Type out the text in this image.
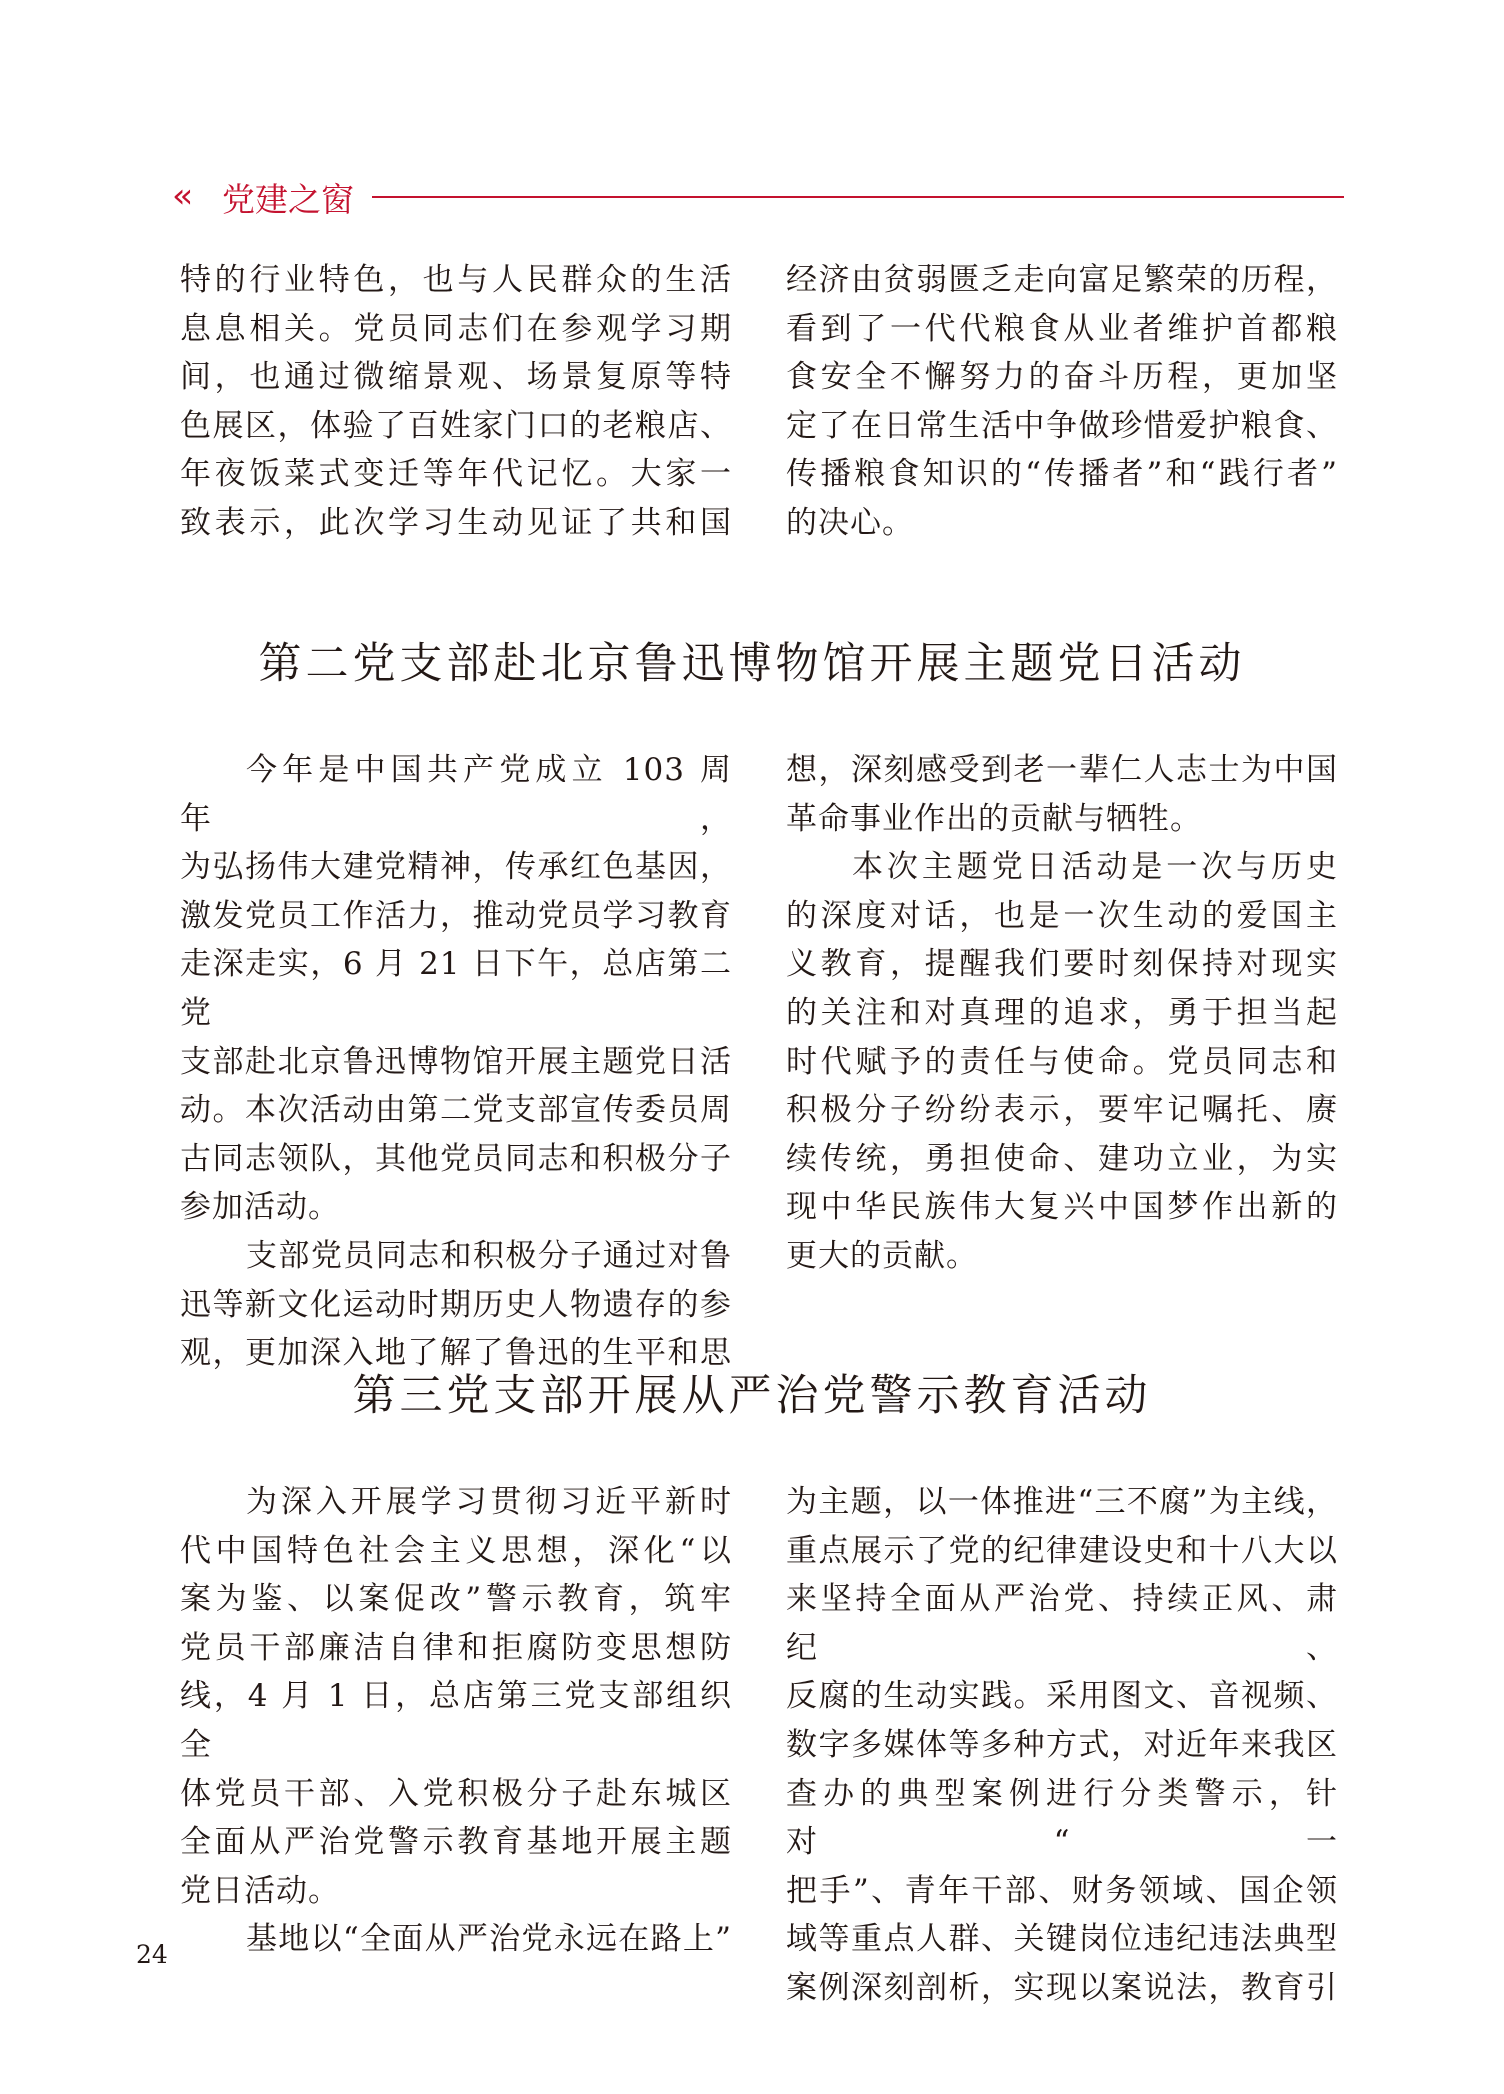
‹‹ 党建之窗

特的行业特色，也与人民群众的生活

息息相关。党员同志们在参观学习期

间，也通过微缩景观、场景复原等特

色展区，体验了百姓家门口的老粮店、

年夜饭菜式变迁等年代记忆。大家一

致表示，此次学习生动见证了共和国

经济由贫弱匮乏走向富足繁荣的历程，

看到了一代代粮食从业者维护首都粮

食安全不懈努力的奋斗历程，更加坚

定了在日常生活中争做珍惜爱护粮食、

传播粮食知识的“传播者”和“践行者”

的决心。

第二党支部赴北京鲁迅博物馆开展主题党日活动

今年是中国共产党成立 103 周年，

为弘扬伟大建党精神，传承红色基因，

激发党员工作活力，推动党员学习教育

走深走实，6 月 21 日下午，总店第二党

支部赴北京鲁迅博物馆开展主题党日活

动。本次活动由第二党支部宣传委员周

古同志领队，其他党员同志和积极分子

参加活动。

支部党员同志和积极分子通过对鲁

迅等新文化运动时期历史人物遗存的参

观，更加深入地了解了鲁迅的生平和思

想，深刻感受到老一辈仁人志士为中国

革命事业作出的贡献与牺牲。

本次主题党日活动是一次与历史

的深度对话，也是一次生动的爱国主

义教育，提醒我们要时刻保持对现实

的关注和对真理的追求，勇于担当起

时代赋予的责任与使命。党员同志和

积极分子纷纷表示，要牢记嘱托、赓

续传统，勇担使命、建功立业，为实

现中华民族伟大复兴中国梦作出新的

更大的贡献。

第三党支部开展从严治党警示教育活动

为深入开展学习贯彻习近平新时

代中国特色社会主义思想，深化“以

案为鉴、以案促改”警示教育，筑牢

党员干部廉洁自律和拒腐防变思想防

线，4 月 1 日，总店第三党支部组织全

体党员干部、入党积极分子赴东城区

全面从严治党警示教育基地开展主题

党日活动。

基地以“全面从严治党永远在路上”

为主题，以一体推进“三不腐”为主线，

重点展示了党的纪律建设史和十八大以

来坚持全面从严治党、持续正风、肃纪、

反腐的生动实践。采用图文、音视频、

数字多媒体等多种方式，对近年来我区

查办的典型案例进行分类警示，针对“一

把手”、青年干部、财务领域、国企领

域等重点人群、关键岗位违纪违法典型

案例深刻剖析，实现以案说法，教育引

24
